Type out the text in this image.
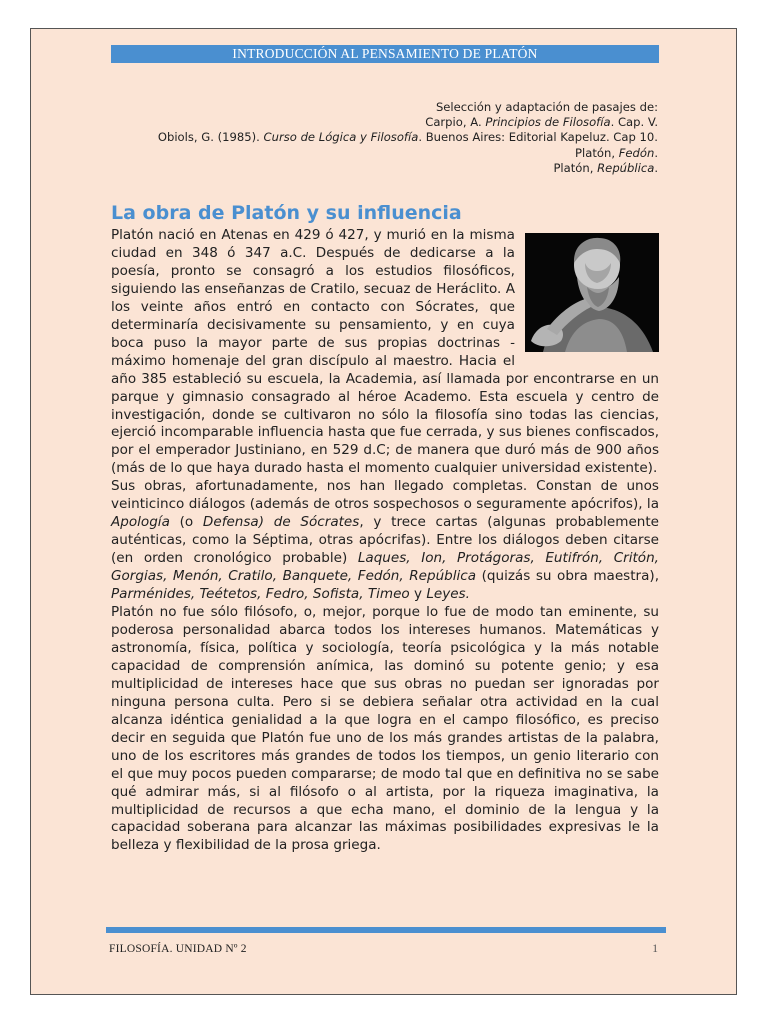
INTRODUCCIÓN AL PENSAMIENTO DE PLATÓN
Selección y adaptación de pasajes de:
Carpio, A. Principios de Filosofía. Cap. V.
Obiols, G. (1985). Curso de Lógica y Filosofía. Buenos Aires: Editorial Kapeluz. Cap 10.
Platón, Fedón.
Platón, República.
La obra de Platón y su influencia

Platón nació en Atenas en 429 ó 427, y murió en la misma ciudad en 348 ó 347 a.C. Después de dedicarse a la poesía, pronto se consagró a los estudios filosóficos, siguiendo las enseñanzas de Cratilo, secuaz de Heráclito. A los veinte años entró en contacto con Sócrates, que determinaría decisivamente su pensamiento, y en cuya boca puso la mayor parte de sus propias doctrinas -máximo homenaje del gran discípulo al maestro. Hacia el año 385 estableció su escuela, la Academia, así llamada por encontrarse en un parque y gimnasio consagrado al héroe Academo. Esta escuela y centro de investigación, donde se cultivaron no sólo la filosofía sino todas las ciencias, ejerció incomparable influencia hasta que fue cerrada, y sus bienes confiscados, por el emperador Justiniano, en 529 d.C; de manera que duró más de 900 años (más de lo que haya durado hasta el momento cualquier universidad existente).

Sus obras, afortunadamente, nos han llegado completas. Constan de unos veinticinco diálogos (además de otros sospechosos o seguramente apócrifos), la Apología (o Defensa) de Sócrates, y trece cartas (algunas probablemente auténticas, como la Séptima, otras apócrifas). Entre los diálogos deben citarse (en orden cronológico probable) Laques, Ion, Protágoras, Eutifrón, Critón, Gorgias, Menón, Cratilo, Banquete, Fedón, República (quizás su obra maestra), Parménides, Teétetos, Fedro, Sofista, Timeo y Leyes.

Platón no fue sólo filósofo, o, mejor, porque lo fue de modo tan eminente, su poderosa personalidad abarca todos los intereses humanos. Matemáticas y astronomía, física, política y sociología, teoría psicológica y la más notable capacidad de comprensión anímica, las dominó su potente genio; y esa multiplicidad de intereses hace que sus obras no puedan ser ignoradas por ninguna persona culta. Pero si se debiera señalar otra actividad en la cual alcanza idéntica genialidad a la que logra en el campo filosófico, es preciso decir en seguida que Platón fue uno de los más grandes artistas de la palabra, uno de los escritores más grandes de todos los tiempos, un genio literario con el que muy pocos pueden compararse; de modo tal que en definitiva no se sabe qué admirar más, si al filósofo o al artista, por la riqueza imaginativa, la multiplicidad de recursos a que echa mano, el dominio de la lengua y la capacidad soberana para alcanzar las máximas posibilidades expresivas le la belleza y flexibilidad de la prosa griega.

FILOSOFÍA. UNIDAD Nº 2	1
